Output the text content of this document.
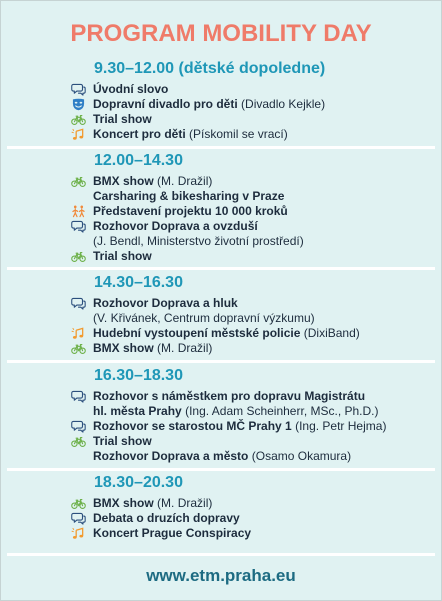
PROGRAM MOBILITY DAY
9.30–12.00 (dětské dopoledne)
Úvodní slovo
Dopravní divadlo pro děti (Divadlo Kejkle)
Trial show
Koncert pro děti (Pískomil se vrací)
12.00–14.30
BMX show (M. Dražil)
Carsharing & bikesharing v Praze
Představení projektu 10 000 kroků
Rozhovor Doprava a ovzduší
(J. Bendl, Ministerstvo životní prostředí)
Trial show
14.30–16.30
Rozhovor Doprava a hluk
(V. Křivánek, Centrum dopravní výzkumu)
Hudební vystoupení městské policie (DixiBand)
BMX show (M. Dražil)
16.30–18.30
Rozhovor s náměstkem pro dopravu Magistrátu
hl. města Prahy (Ing. Adam Scheinherr, MSc., Ph.D.)
Rozhovor se starostou MČ Prahy 1 (Ing. Petr Hejma)
Trial show
Rozhovor Doprava a město (Osamo Okamura)
18.30–20.30
BMX show (M. Dražil)
Debata o druzích dopravy
Koncert Prague Conspiracy
www.etm.praha.eu
